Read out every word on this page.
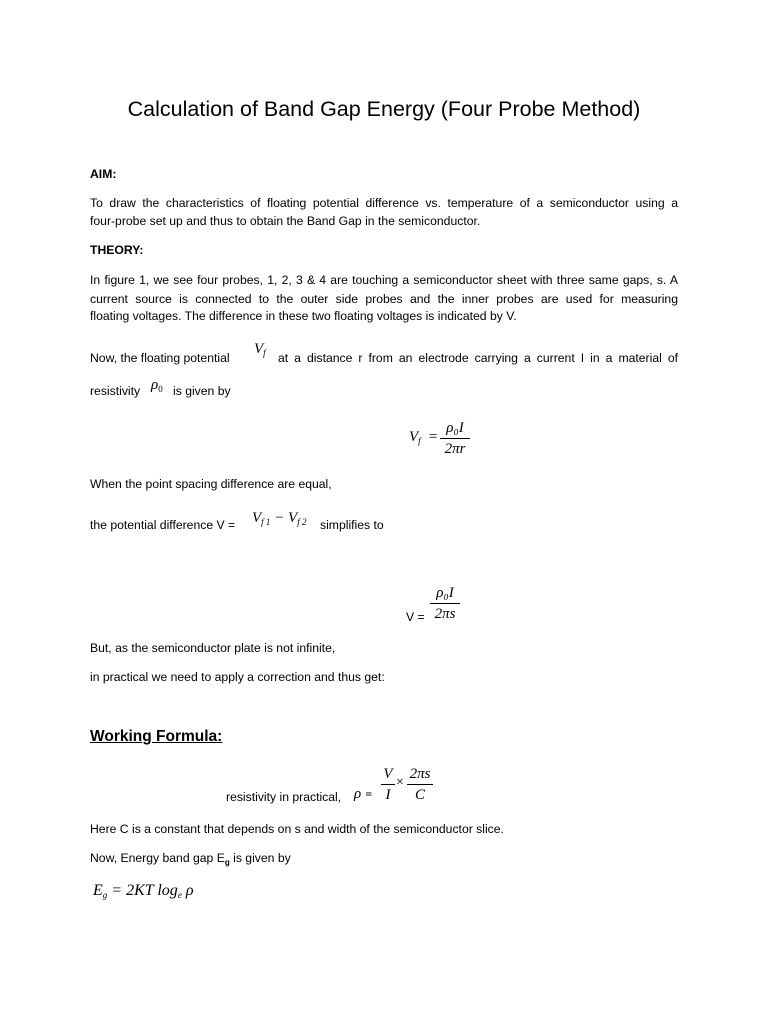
Calculation of Band Gap Energy (Four Probe Method)
AIM:
To draw the characteristics of floating potential difference vs. temperature of a semiconductor using a
four-probe set up and thus to obtain the Band Gap in the semiconductor.
THEORY:
In figure 1, we see four probes, 1, 2, 3 & 4 are touching a semiconductor sheet with three same gaps, s. A
current source is connected to the outer side probes and the inner probes are used for measuring
floating voltages. The difference in these two floating voltages is indicated by V.
Now, the floating potential
$V_f$ at a distance r from an electrode carrying a current I in a material of
resistivity $\rho_0$ is given by
$V_f$ =
ρ₀I
2πr
When the point spacing difference are equal,
the potential difference $V = V_{f 1} - V_{f 2}$ simplifies to
V =
ρ₀I
2πs
But, as the semiconductor plate is not infinite,
in practical we need to apply a correction and thus get:
Working Formula:
resistivity in practical, ρ =
V
I
×
2πs
C
Here C is a constant that depends on s and width of the semiconductor slice.
Now, Energy band gap $E_g$ is given by
$E_g = 2KT$ $\log_e \rho$
